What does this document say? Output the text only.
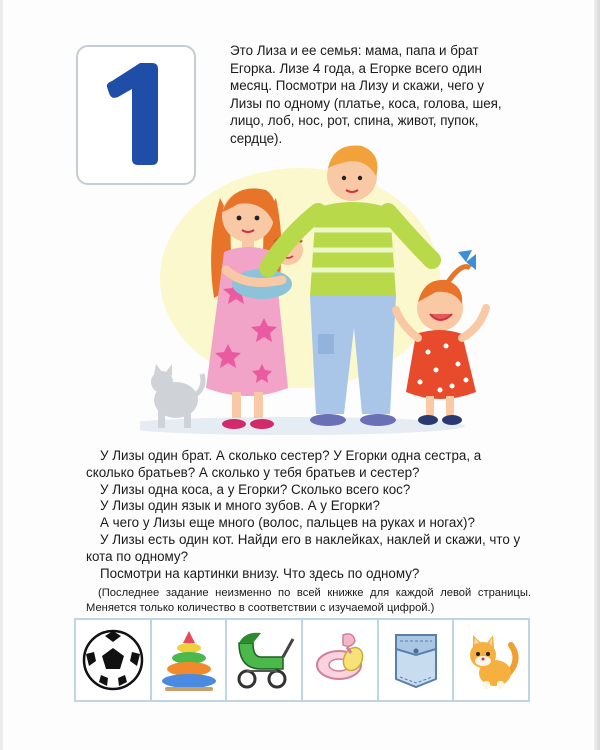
Это Лиза и ее семья: мама, папа и брат
Егорка. Лизе 4 года, а Егорке всего один
месяц. Посмотри на Лизу и скажи, чего у
Лизы по одному (платье, коса, голова, шея,
лицо, лоб, нос, рот, спина, живот, пупок,
сердце).

У Лизы один брат. А сколько сестер? У Егорки одна сестра, а сколько братьев? А сколько у тебя братьев и сестер?

У Лизы одна коса, а у Егорки? Сколько всего кос?

У Лизы один язык и много зубов. А у Егорки?

А чего у Лизы еще много (волос, пальцев на руках и ногах)?

У Лизы есть один кот. Найди его в наклейках, наклей и скажи, что у кота по одному?

Посмотри на картинки внизу. Что здесь по одному?

(Последнее задание неизменно по всей книжке для каждой левой страницы. Меняется только количество в соответствии с изучаемой цифрой.)
